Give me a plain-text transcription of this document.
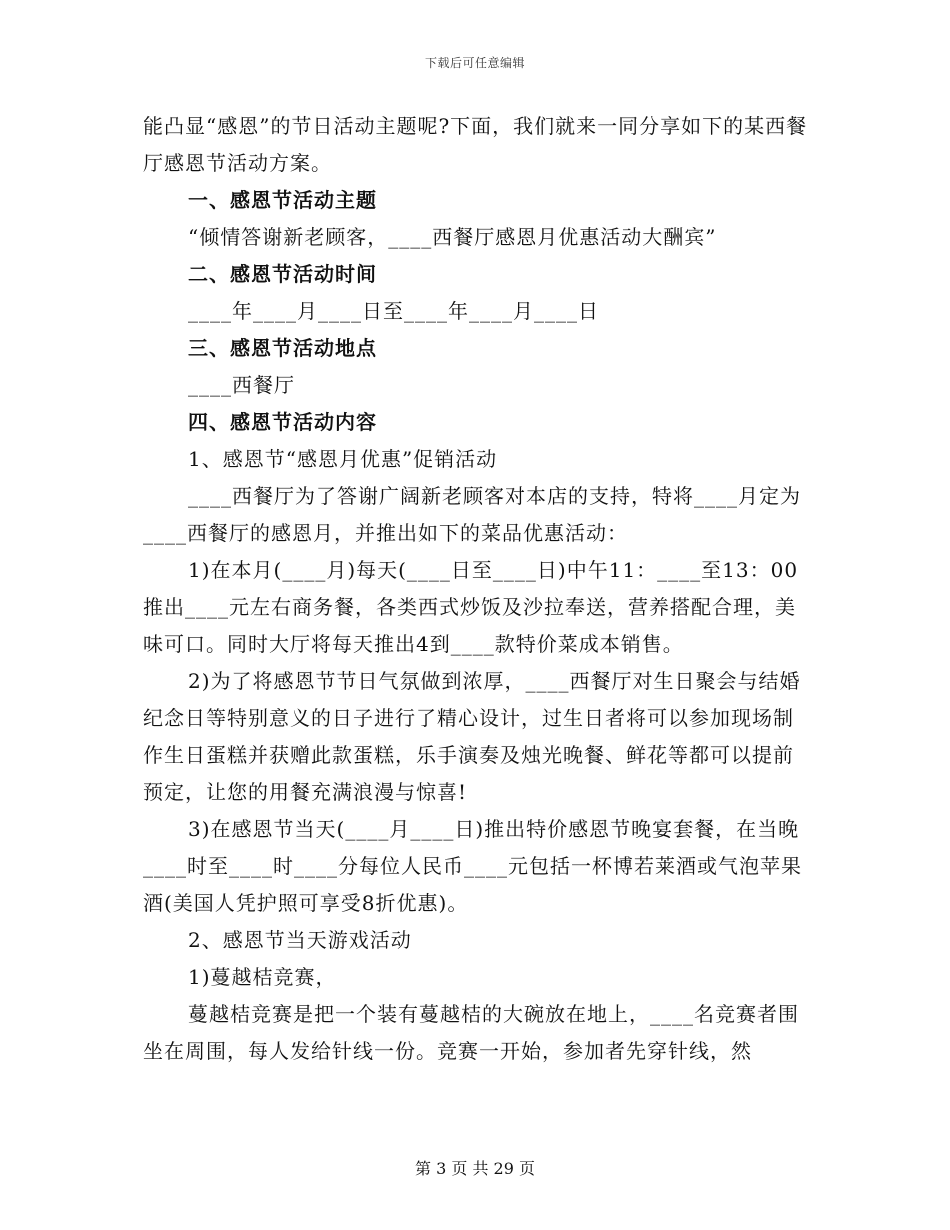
下载后可任意编辑

能凸显“感恩”的节日活动主题呢?下面，我们就来一同分享如下的某西餐厅感恩节活动方案。

一、感恩节活动主题

“倾情答谢新老顾客，____西餐厅感恩月优惠活动大酬宾”

二、感恩节活动时间

____年____月____日至____年____月____日

三、感恩节活动地点

____西餐厅

四、感恩节活动内容

1、感恩节“感恩月优惠”促销活动

____西餐厅为了答谢广阔新老顾客对本店的支持，特将____月定为____西餐厅的感恩月，并推出如下的菜品优惠活动：

1)在本月(____月)每天(____日至____日)中午11：____至13：00推出____元左右商务餐，各类西式炒饭及沙拉奉送，营养搭配合理，美味可口。同时大厅将每天推出4到____款特价菜成本销售。

2)为了将感恩节节日气氛做到浓厚，____西餐厅对生日聚会与结婚纪念日等特别意义的日子进行了精心设计，过生日者将可以参加现场制作生日蛋糕并获赠此款蛋糕，乐手演奏及烛光晚餐、鲜花等都可以提前预定，让您的用餐充满浪漫与惊喜!

3)在感恩节当天(____月____日)推出特价感恩节晚宴套餐，在当晚____时至____时____分每位人民币____元包括一杯博若莱酒或气泡苹果酒(美国人凭护照可享受8折优惠)。

2、感恩节当天游戏活动

1)蔓越桔竞赛，

蔓越桔竞赛是把一个装有蔓越桔的大碗放在地上，____名竞赛者围坐在周围，每人发给针线一份。竞赛一开始，参加者先穿针线，然

第 3 页 共 29 页
